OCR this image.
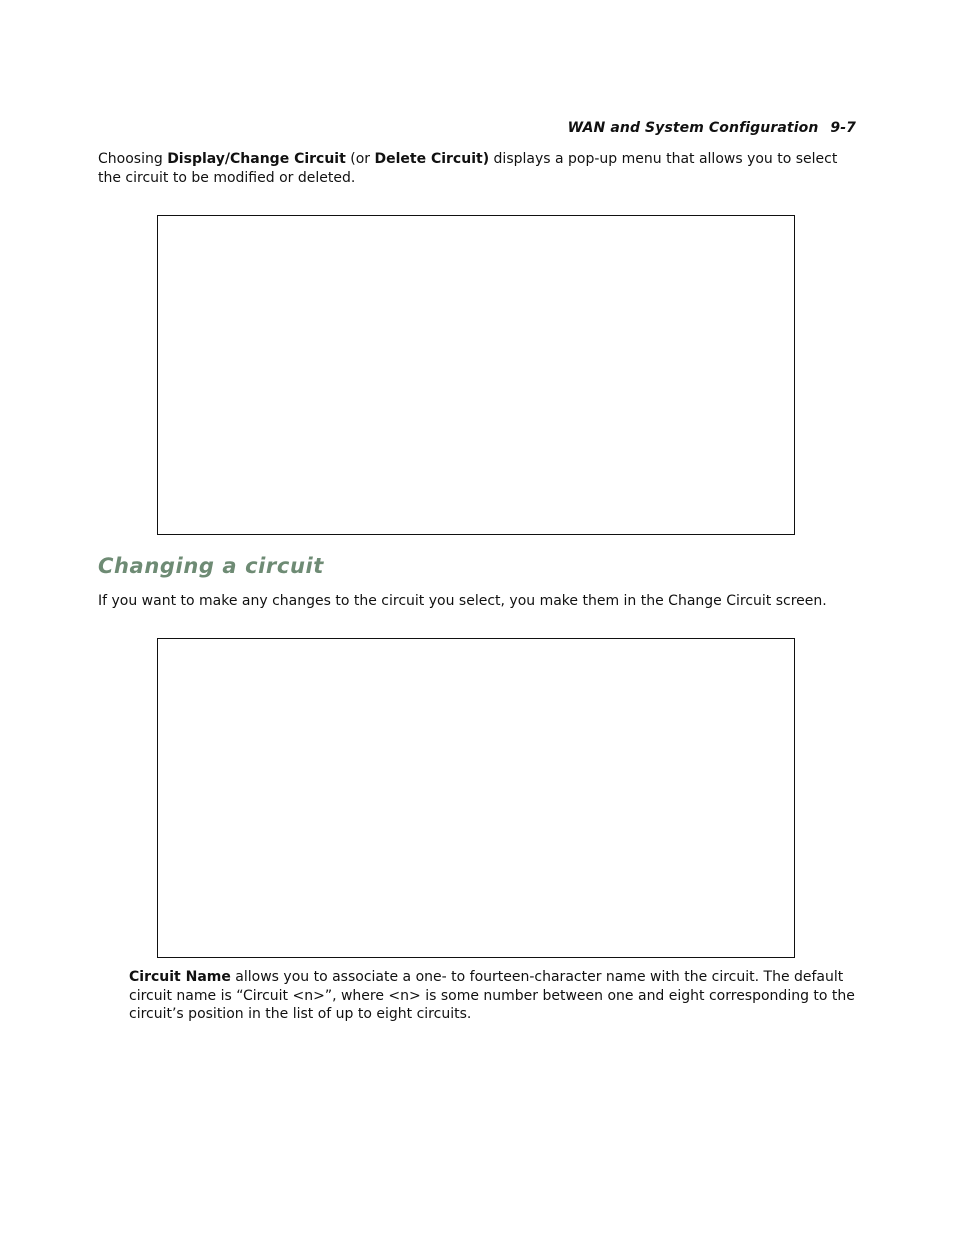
WAN and System Configuration 9-7

Choosing Display/Change Circuit (or Delete Circuit) displays a pop-up menu that allows you to select the circuit to be modified or deleted.

Changing a circuit

If you want to make any changes to the circuit you select, you make them in the Change Circuit screen.

Circuit Name allows you to associate a one- to fourteen-character name with the circuit. The default circuit name is “Circuit <n>”, where <n> is some number between one and eight corresponding to the circuit’s position in the list of up to eight circuits.
